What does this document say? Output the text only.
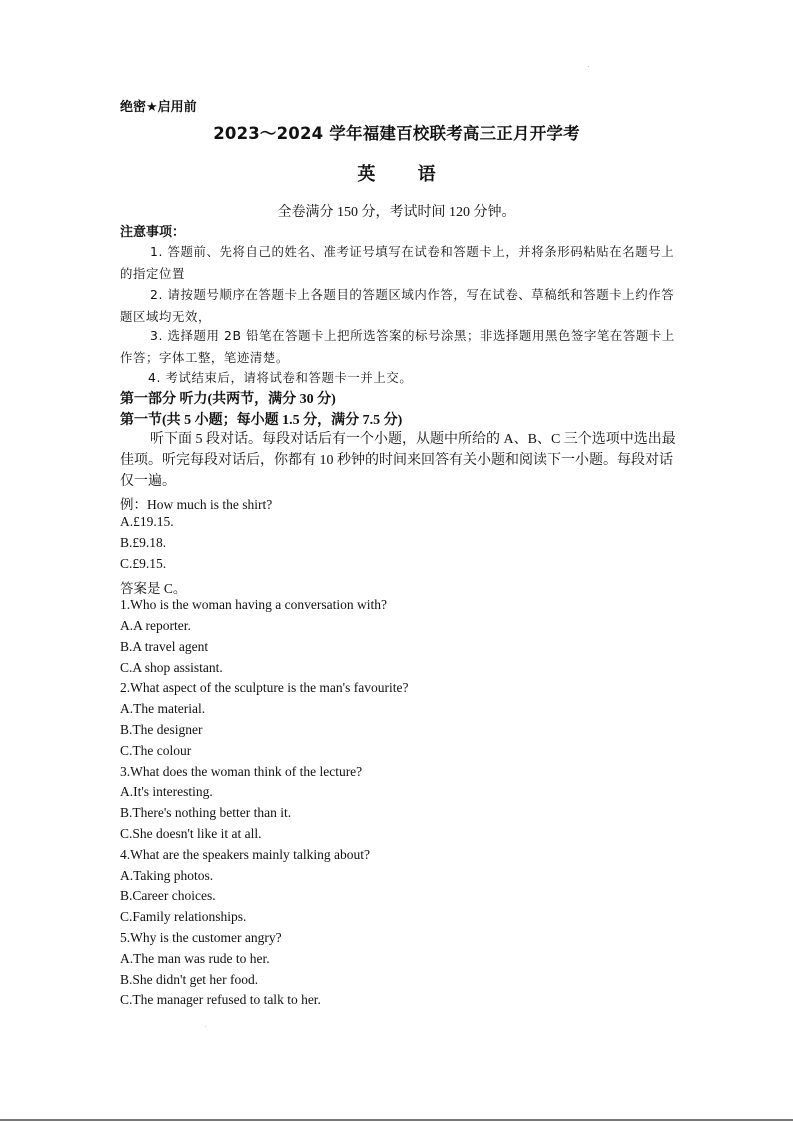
绝密★启用前
2023～2024 学年福建百校联考高三正月开学考
英 语
全卷满分 150 分，考试时间 120 分钟。
注意事项：
1. 答题前、先将自己的姓名、准考证号填写在试卷和答题卡上，并将条形码粘贴在名题号上的指定位置
2. 请按题号顺序在答题卡上各题目的答题区域内作答，写在试卷、草稿纸和答题卡上约作答题区域均无效，
3. 选择题用 2B 铅笔在答题卡上把所选答案的标号涂黑；非选择题用黑色签字笔在答题卡上作答；字体工整，笔迹清楚。
4. 考试结束后，请将试卷和答题卡一并上交。
第一部分 听力(共两节，满分 30 分)
第一节(共 5 小题；每小题 1.5 分，满分 7.5 分)
听下面 5 段对话。每段对话后有一个小题，从题中所给的 A、B、C 三个选项中选出最佳项。听完每段对话后，你都有 10 秒钟的时间来回答有关小题和阅读下一小题。每段对话仅一遍。
例：How much is the shirt?
A.£19.15.
B.£9.18.
C.£9.15.
答案是 C。
1.Who is the woman having a conversation with?
A.A reporter.
B.A travel agent
C.A shop assistant.
2.What aspect of the sculpture is the man's favourite?
A.The material.
B.The designer
C.The colour
3.What does the woman think of the lecture?
A.It's interesting.
B.There's nothing better than it.
C.She doesn't like it at all.
4.What are the speakers mainly talking about?
A.Taking photos.
B.Career choices.
C.Family relationships.
5.Why is the customer angry?
A.The man was rude to her.
B.She didn't get her food.
C.The manager refused to talk to her.
